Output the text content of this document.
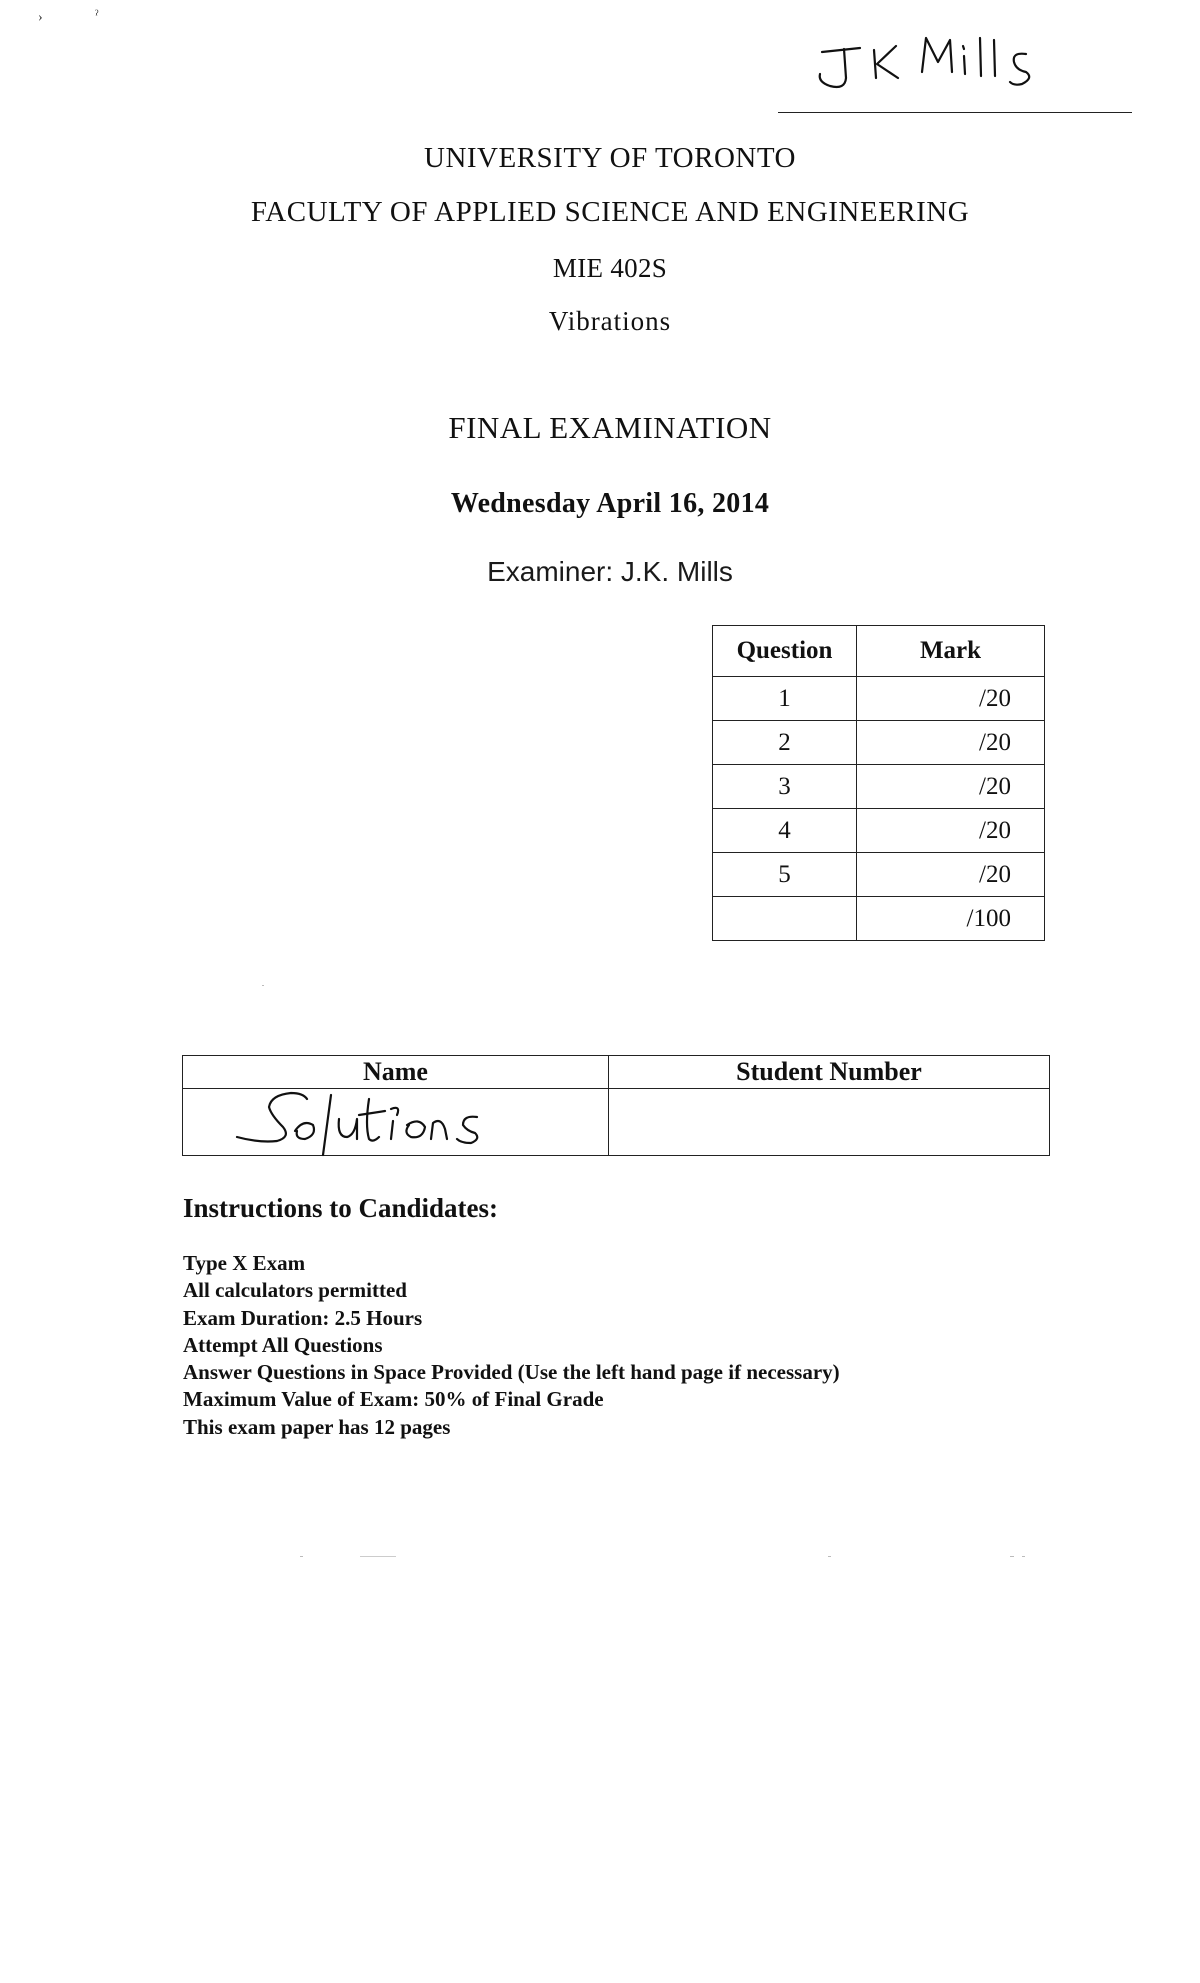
›	ˀ
UNIVERSITY OF TORONTO
FACULTY OF APPLIED SCIENCE AND ENGINEERING
MIE 402S
Vibrations
FINAL EXAMINATION
Wednesday April 16, 2014
Examiner: J.K. Mills
Question	Mark
1	/20
2	/20
3	/20
4	/20
5	/20
	/100
Name	Student Number

Instructions to Candidates:
Type X Exam
All calculators permitted
Exam Duration: 2.5 Hours
Attempt All Questions
Answer Questions in Space Provided (Use the left hand page if necessary)
Maximum Value of Exam: 50% of Final Grade
This exam paper has 12 pages
